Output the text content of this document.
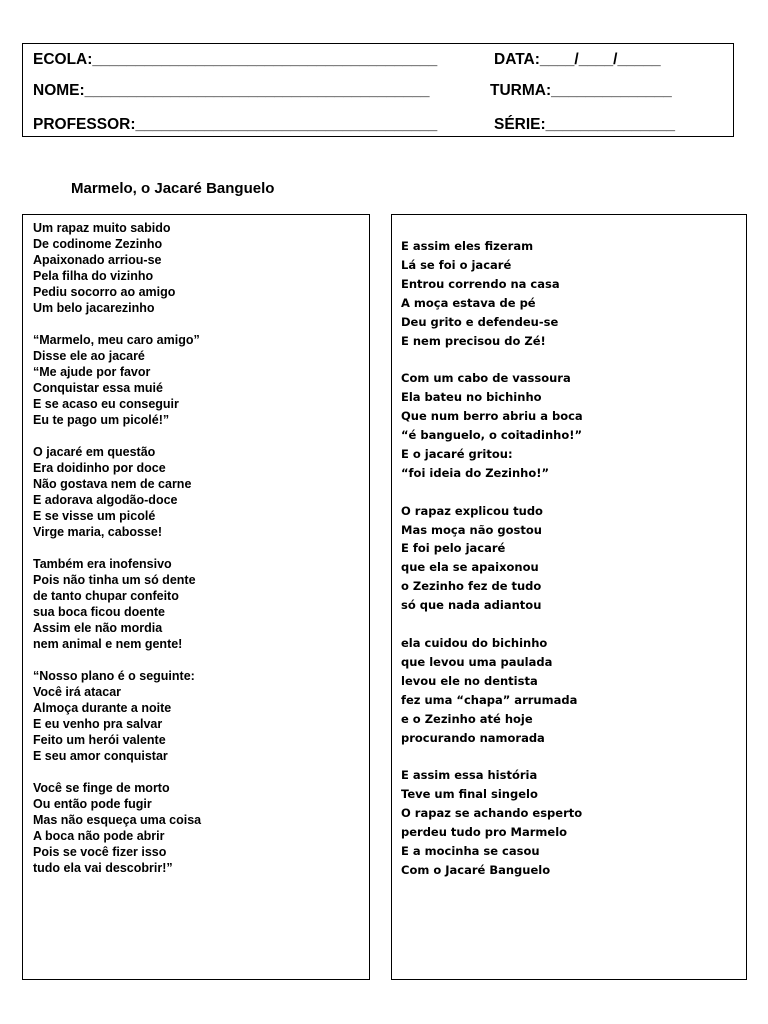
ECOLA:________________________________________	DATA:____/____/_____
NOME:________________________________________	TURMA:______________
PROFESSOR:___________________________________	SÉRIE:_______________
Marmelo, o Jacaré Banguelo
Um rapaz muito sabido
De codinome Zezinho
Apaixonado arriou-se
Pela filha do vizinho
Pediu socorro ao amigo
Um belo jacarezinho
“Marmelo, meu caro amigo”
Disse ele ao jacaré
“Me ajude por favor
Conquistar essa muié
E se acaso eu conseguir
Eu te pago um picolé!”
O jacaré em questão
Era doidinho por doce
Não gostava nem de carne
E adorava algodão-doce
E se visse um picolé
Virge maria, cabosse!
Também era inofensivo
Pois não tinha um só dente
de tanto chupar confeito
sua boca ficou doente
Assim ele não mordia
nem animal e nem gente!
“Nosso plano é o seguinte:
Você irá atacar
Almoça durante a noite
E eu venho pra salvar
Feito um herói valente
E seu amor conquistar
Você se finge de morto
Ou então pode fugir
Mas não esqueça uma coisa
A boca não pode abrir
Pois se você fizer isso
tudo ela vai descobrir!”
E assim eles fizeram
Lá se foi o jacaré
Entrou correndo na casa
A moça estava de pé
Deu grito e defendeu-se
E nem precisou do Zé!
Com um cabo de vassoura
Ela bateu no bichinho
Que num berro abriu a boca
“é banguelo, o coitadinho!”
E o jacaré gritou:
“foi ideia do Zezinho!”
O rapaz explicou tudo
Mas moça não gostou
E foi pelo jacaré
que ela se apaixonou
o Zezinho fez de tudo
só que nada adiantou
ela cuidou do bichinho
que levou uma paulada
levou ele no dentista
fez uma “chapa” arrumada
e o Zezinho até hoje
procurando namorada
E assim essa história
Teve um final singelo
O rapaz se achando esperto
perdeu tudo pro Marmelo
E a mocinha se casou
Com o Jacaré Banguelo
